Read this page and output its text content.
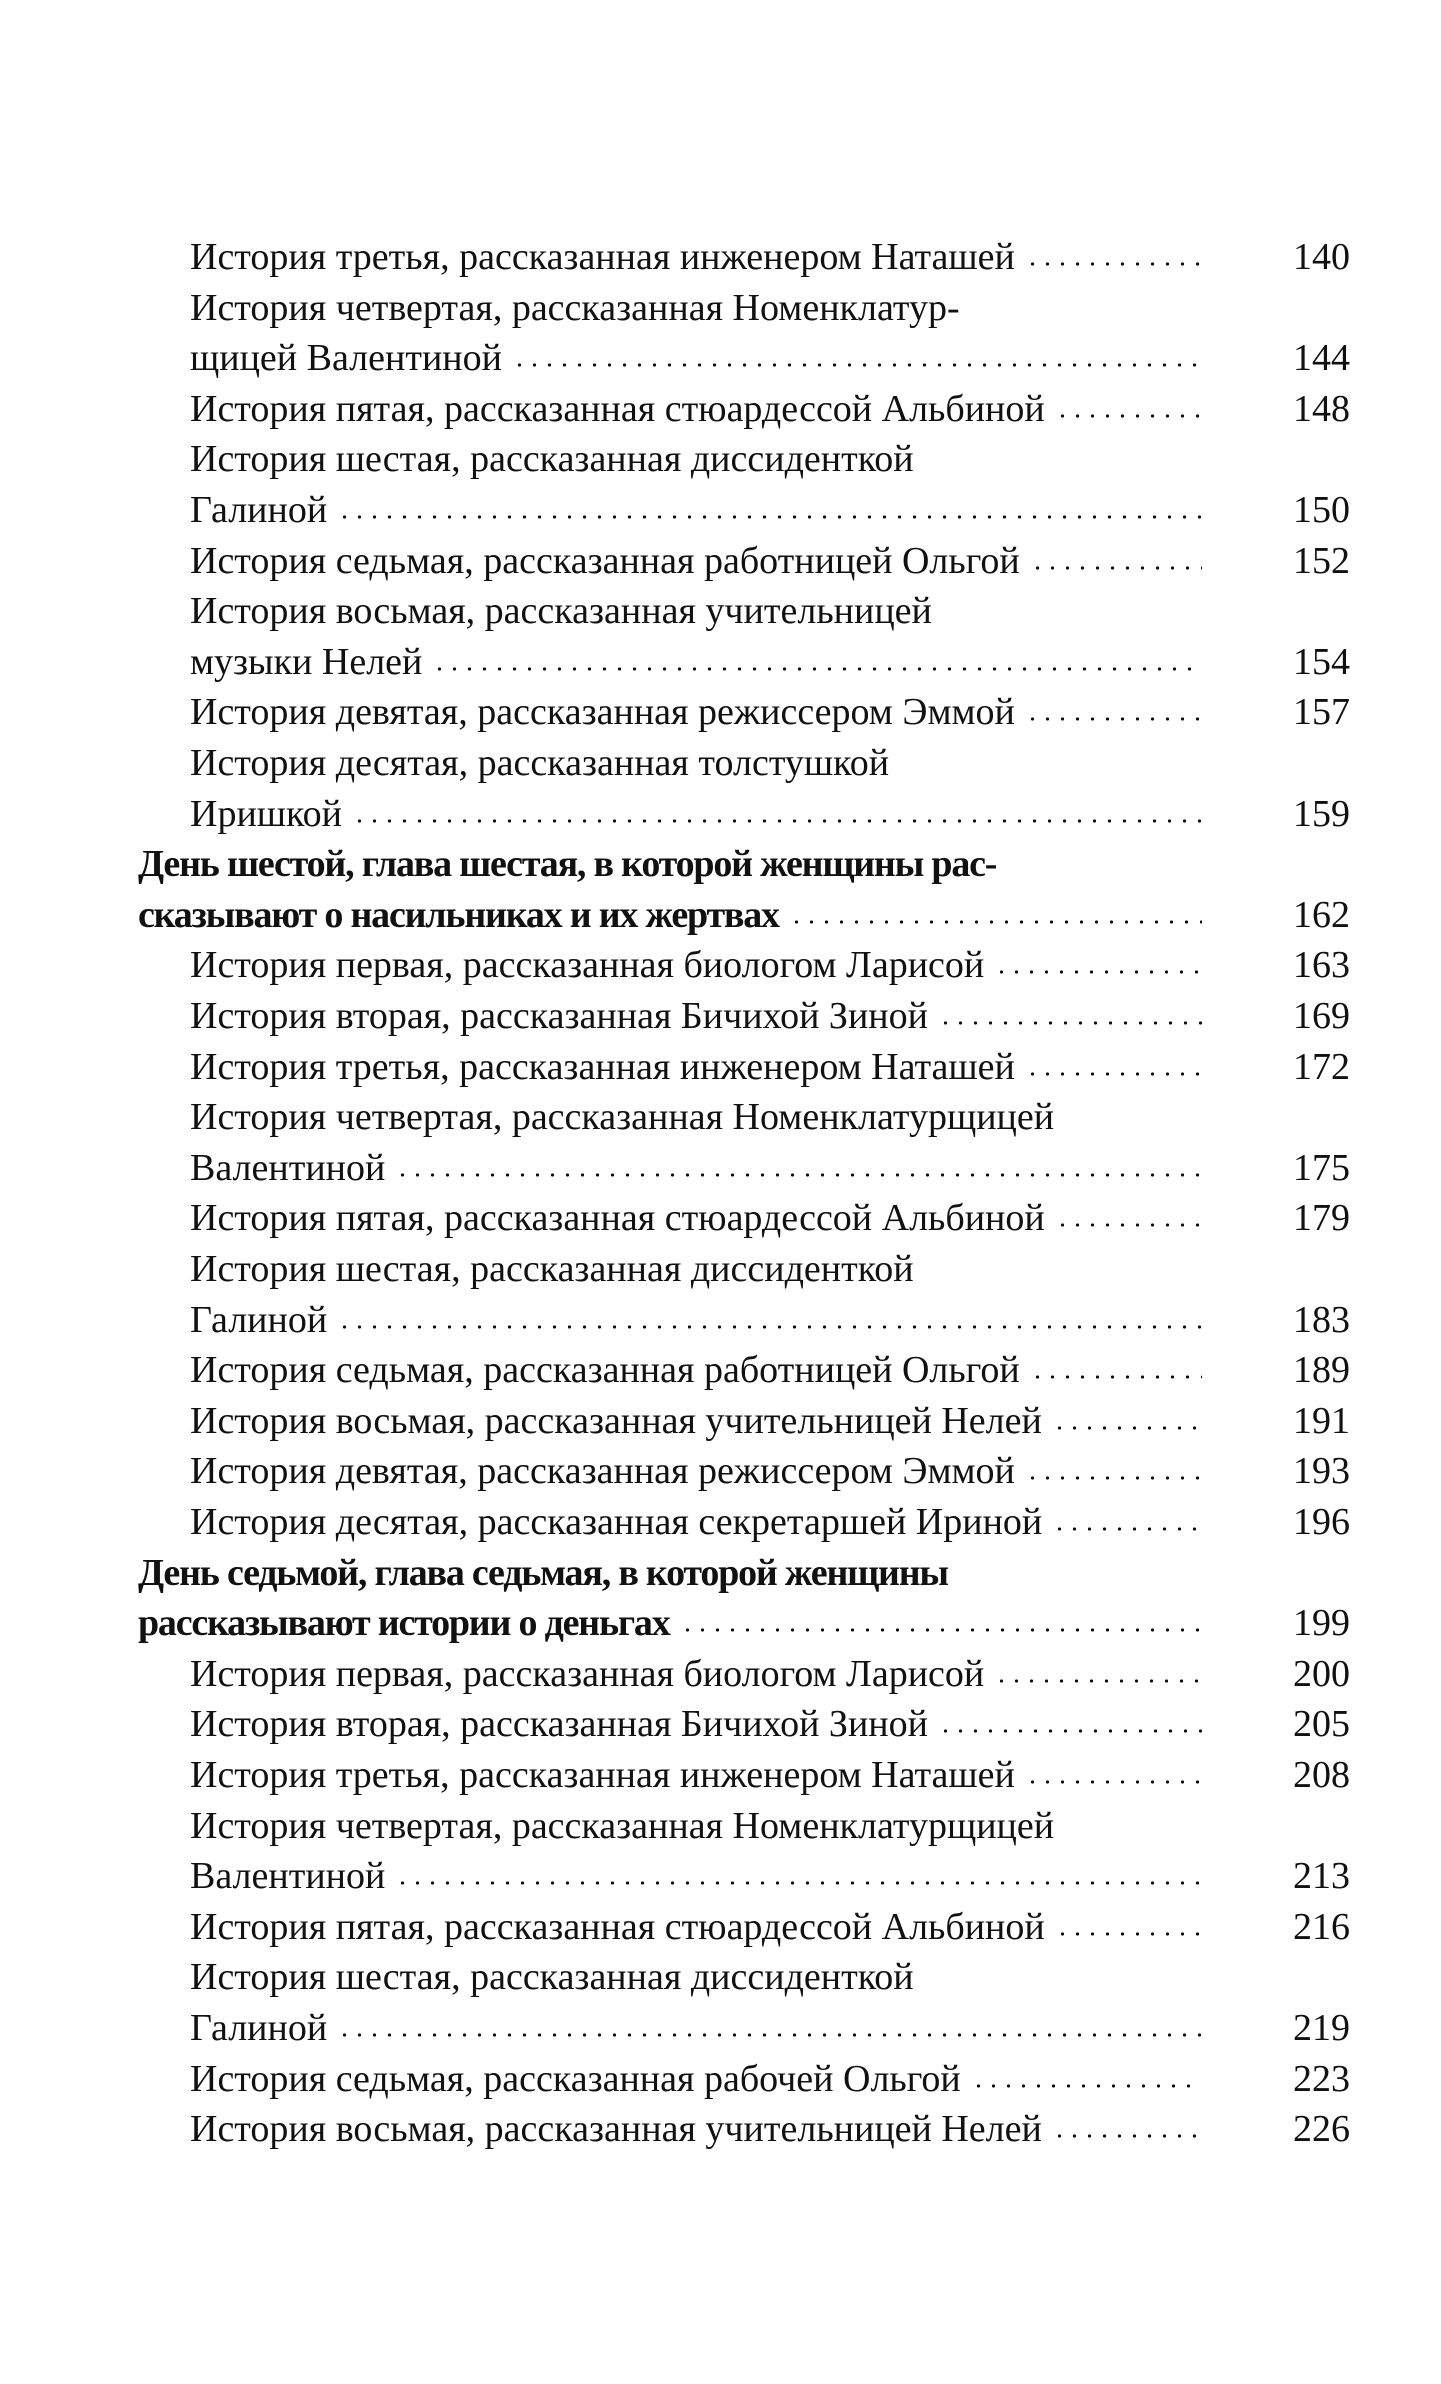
История третья, рассказанная инженером Наташей	140
История четвертая, рассказанная Номенклатур-
щицей Валентиной	144
История пятая, рассказанная стюардессой Альбиной	148
История шестая, рассказанная диссиденткой
Галиной	150
История седьмая, рассказанная работницей Ольгой	152
История восьмая, рассказанная учительницей
музыки Нелей	154
История девятая, рассказанная режиссером Эммой	157
История десятая, рассказанная толстушкой
Иришкой	159
День шестой, глава шестая, в которой женщины рас-
сказывают о насильниках и их жертвах	162
История первая, рассказанная биологом Ларисой	163
История вторая, рассказанная Бичихой Зиной	169
История третья, рассказанная инженером Наташей	172
История четвертая, рассказанная Номенклатурщицей
Валентиной	175
История пятая, рассказанная стюардессой Альбиной	179
История шестая, рассказанная диссиденткой
Галиной	183
История седьмая, рассказанная работницей Ольгой	189
История восьмая, рассказанная учительницей Нелей	191
История девятая, рассказанная режиссером Эммой	193
История десятая, рассказанная секретаршей Ириной	196
День седьмой, глава седьмая, в которой женщины
рассказывают истории о деньгах	199
История первая, рассказанная биологом Ларисой	200
История вторая, рассказанная Бичихой Зиной	205
История третья, рассказанная инженером Наташей	208
История четвертая, рассказанная Номенклатурщицей
Валентиной	213
История пятая, рассказанная стюардессой Альбиной	216
История шестая, рассказанная диссиденткой
Галиной	219
История седьмая, рассказанная рабочей Ольгой	223
История восьмая, рассказанная учительницей Нелей	226
